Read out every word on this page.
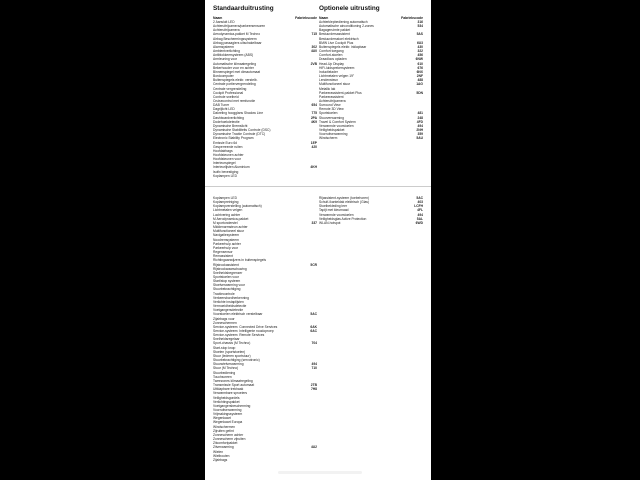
Standaarduitrusting
Naam	Fabriekscode
2 Aansluit LED
Achteruitrijcamera/parkeersensoren
Achteruitrijcamera
Aerodynamica-pakket M Techno	715
Airbag Beschermingssysteem
Airbag passagiers uitschakelbaar
Alarmsysteem	302
Ambientverlichting	4U0
Antiblokkeersysteem (ABS)
Armleuning voor
Automatische klimaatregeling	2VB
Bekerhouder voor en achter
Binnenspiegel met dimautomaat
Bordcomputer
Buitenspiegels elektr. verstelb.
Centrale portiervergrendeling
Centrale vergrendeling
Cockpit Professional
Controle snelheid
Cruisecontrol met remfunctie
DAB Tuner	654
Dagrijlicht LED
Dakreling hoogglans Shadow Line	775
Dashboardverlichting	2PA
Dodehoekdetectie	4K9
Dynamische Bremslicht
Dynamische Stabiliteits Controle (DSC)
Dynamische Tractie Controle (DTC)
Electronic Stability Program
Emissie Euro 6d	1EP
Gesperreerde ruiten	420
Hoofdairbags
Hoofdsteunen achter
Hoofdsteunen voor
Interieurspiegel
Interieurlijsten Aluminium	4KH
Isofix bevestiging
Koplampen LED
Optionele uitrusting
Naam	Fabriekscode
Achterklepbediening automatisch	316
Automatische airconditioning 2-zones	534
Bagageruimte pakket
Bestuurdersassistent	5AS
Bestuurdersstoel elektrisch
BMW Live Cockpit Plus	6U3
Buitenspiegels elektr. inklapbaar	430
Comfort toegang	322
Comfort-stoelen	456
Draadloos opladen	6NW
Head-Up Display	610
HiFi-luidsprekersysteem	676
Inductielader	6NX
Lichtmetalen velgen 19"	2NF
Lendensteun	488
Multifunctioneel stuur	1AG
Metallic lak
Parkeerassistent-pakket Plus	5DN
Parkeerassistent
Achteruitrijcamera
Surround View
Remote 3D View
Sportstoelen	481
Stuurverwarming	248
Travel & Comfort System	4FD
Verwarmde voorstoelen	494
Veiligheidspakket	2NH
Voorruitverwarming	359
Windscherm	5AU
Koplampen LED
Koplampreiniging
Koplampverstelling (automatisch)
Lichtmetalen velgen
Luchtvering achter
M Aerodynamica-pakket
M sportonderstel	337
Middenarmsteun achter
Multifunctioneel stuur
Navigatiesysteem
Noodremsysteem
Parkeerhulp achter
Parkeerhulp voor
Regensensor
Remassistent
Richtingaanwijzers in buitenspiegels
Rijstrookassistent	5CR
Rijstrookwaarschuwing
Snelheidsbegrenzer
Sportstoelen voor
Start/stop systeem
Stoelverwarming voor
Stuurbekrachtiging
Tractiecontrole
Verkeersbordherkenning
Verlichte instaplijsten
Vermoeidheidsdetectie
Voetgangersdetectie
Voorstoelen elektrisch verstelbaar	5AC
Zijairbags voor
Zonneschermen
Service-systeem: Connected Drive Services	6AK
Service-systeem: Intelligente noodoproep	6AC
Service-systeem: Remote Services
Snelheidsregelaar
Sport-chassis (M Techno)	704
Start-stop knop
Stoelen (sportstoelen)
Stuur (lederen sportstuur)
Stuurbekrachtiging (servotronic)
Stuurwielverwarming	494
Stuur (M Techno)	710
Stuurbediening
Touchscreen
Tweezones klimaatregeling
Transmissie Sport automaat	2TB
Uitklapbare trekhaak	7H8
Verwarmbare sproeiers
Veiligheidsgordels
Verlichtingspakket
Voetgangersbescherming
Voorruitverwarming
Vrijmakingssysteem
Wegenkaart
Wegenkaart Europa
Windschermen
Zijruiten getint
Zonnescherm achter
Zonnescherm zijruiten
Zitcomfortpakket
Zitverwarming	4U2
Wielen
Wielbouten
Zijairbags
Rijassistent-systeem (toebehoren)	5AC
Schuif-/kanteldak elektrisch (Glas)	403
Stoelbekleding leer	LCFH
Tapijt met kleurnaad	4FL
Verwarmde voorstoelen	494
Veiligheidsglas Active Protection	5AL
WLAN-hotspot	6WD
